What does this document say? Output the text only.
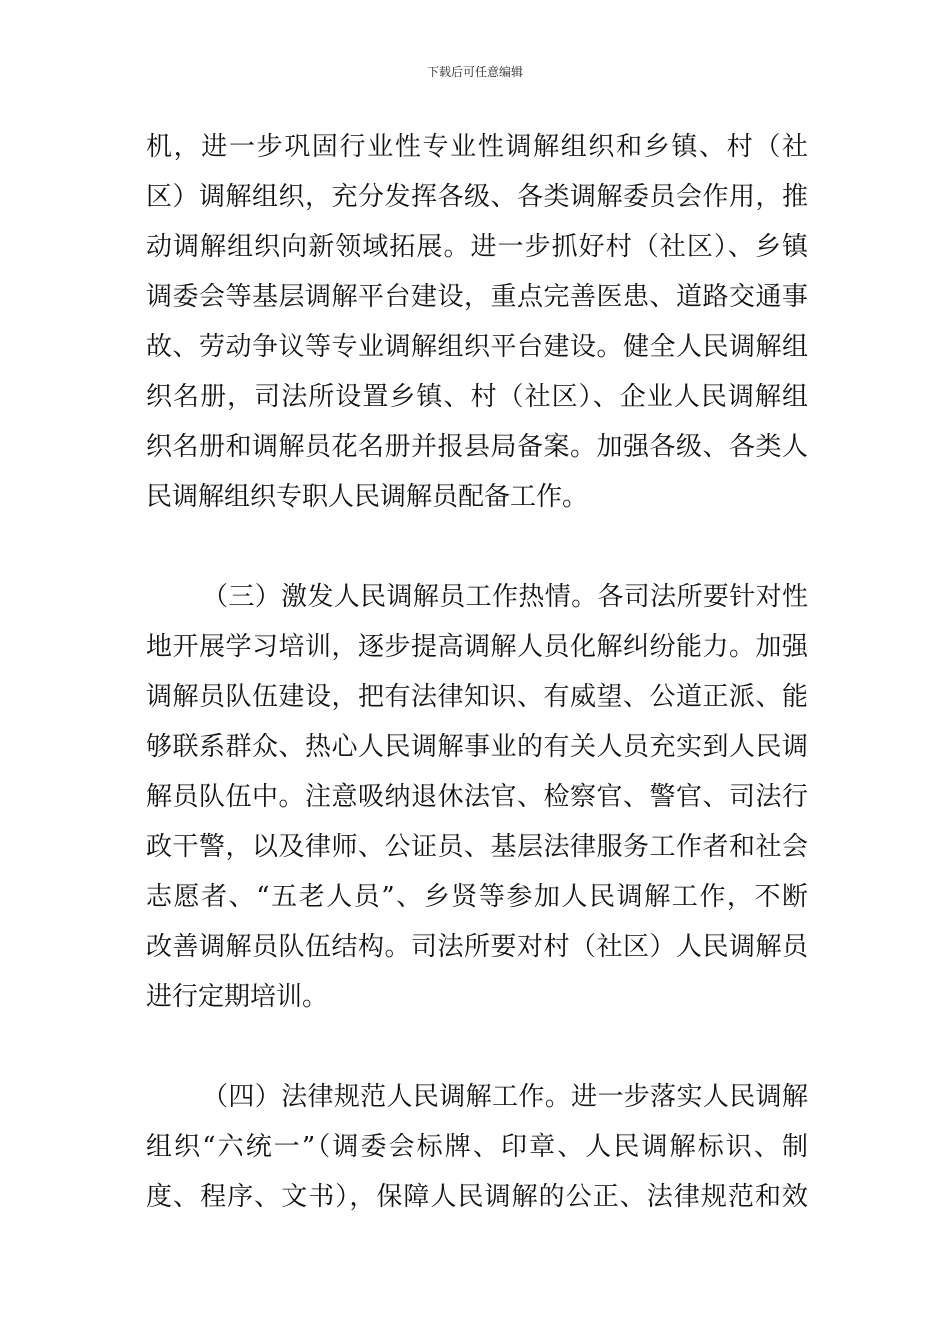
下载后可任意编辑
机，进一步巩固行业性专业性调解组织和乡镇、村（社
区）调解组织，充分发挥各级、各类调解委员会作用，推
动调解组织向新领域拓展。进一步抓好村（社区）、乡镇
调委会等基层调解平台建设，重点完善医患、道路交通事
故、劳动争议等专业调解组织平台建设。健全人民调解组
织名册，司法所设置乡镇、村（社区）、企业人民调解组
织名册和调解员花名册并报县局备案。加强各级、各类人
民调解组织专职人民调解员配备工作。
（三）激发人民调解员工作热情。各司法所要针对性
地开展学习培训，逐步提高调解人员化解纠纷能力。加强
调解员队伍建设，把有法律知识、有威望、公道正派、能
够联系群众、热心人民调解事业的有关人员充实到人民调
解员队伍中。注意吸纳退休法官、检察官、警官、司法行
政干警，以及律师、公证员、基层法律服务工作者和社会
志愿者、“五老人员”、乡贤等参加人民调解工作，不断
改善调解员队伍结构。司法所要对村（社区）人民调解员
进行定期培训。
（四）法律规范人民调解工作。进一步落实人民调解
组织“六统一”（调委会标牌、印章、人民调解标识、制
度、程序、文书），保障人民调解的公正、法律规范和效
